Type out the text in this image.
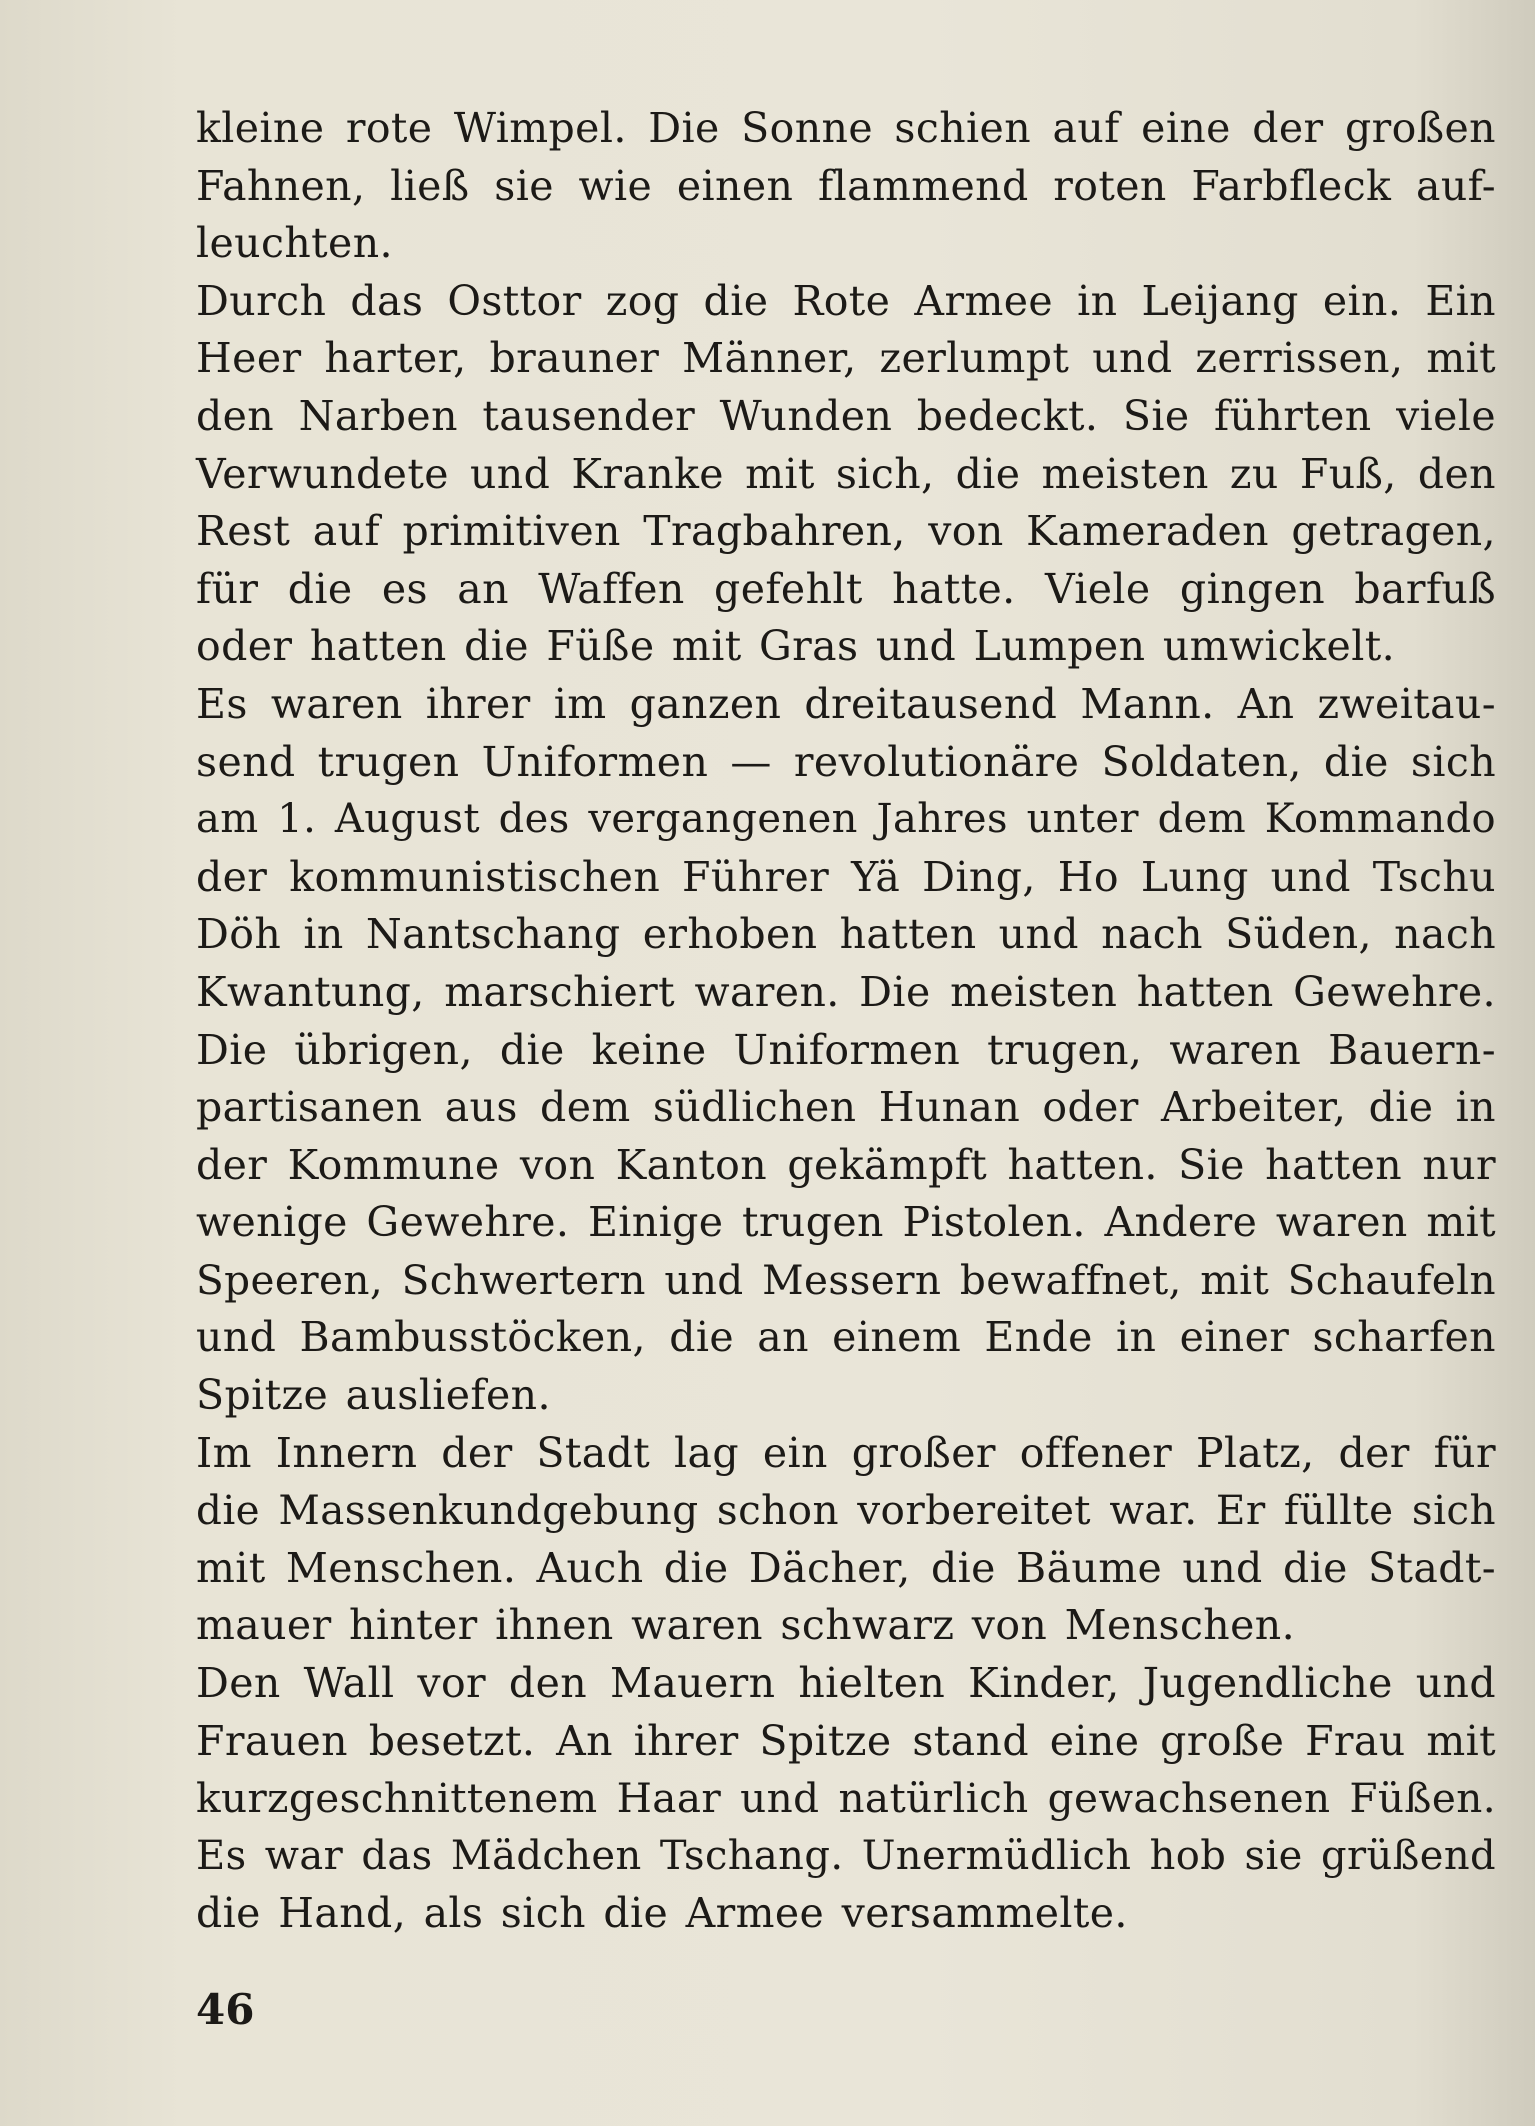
kleine rote Wimpel. Die Sonne schien auf eine der großen
Fahnen, ließ sie wie einen flammend roten Farbfleck auf-
leuchten.
Durch das Osttor zog die Rote Armee in Leijang ein. Ein
Heer harter, brauner Männer, zerlumpt und zerrissen, mit
den Narben tausender Wunden bedeckt. Sie führten viele
Verwundete und Kranke mit sich, die meisten zu Fuß, den
Rest auf primitiven Tragbahren, von Kameraden getragen,
für die es an Waffen gefehlt hatte. Viele gingen barfuß
oder hatten die Füße mit Gras und Lumpen umwickelt.
Es waren ihrer im ganzen dreitausend Mann. An zweitau-
send trugen Uniformen — revolutionäre Soldaten, die sich
am 1. August des vergangenen Jahres unter dem Kommando
der kommunistischen Führer Yä Ding, Ho Lung und Tschu
Döh in Nantschang erhoben hatten und nach Süden, nach
Kwantung, marschiert waren. Die meisten hatten Gewehre.
Die übrigen, die keine Uniformen trugen, waren Bauern-
partisanen aus dem südlichen Hunan oder Arbeiter, die in
der Kommune von Kanton gekämpft hatten. Sie hatten nur
wenige Gewehre. Einige trugen Pistolen. Andere waren mit
Speeren, Schwertern und Messern bewaffnet, mit Schaufeln
und Bambusstöcken, die an einem Ende in einer scharfen
Spitze ausliefen.
Im Innern der Stadt lag ein großer offener Platz, der für
die Massenkundgebung schon vorbereitet war. Er füllte sich
mit Menschen. Auch die Dächer, die Bäume und die Stadt-
mauer hinter ihnen waren schwarz von Menschen.
Den Wall vor den Mauern hielten Kinder, Jugendliche und
Frauen besetzt. An ihrer Spitze stand eine große Frau mit
kurzgeschnittenem Haar und natürlich gewachsenen Füßen.
Es war das Mädchen Tschang. Unermüdlich hob sie grüßend
die Hand, als sich die Armee versammelte.
46
